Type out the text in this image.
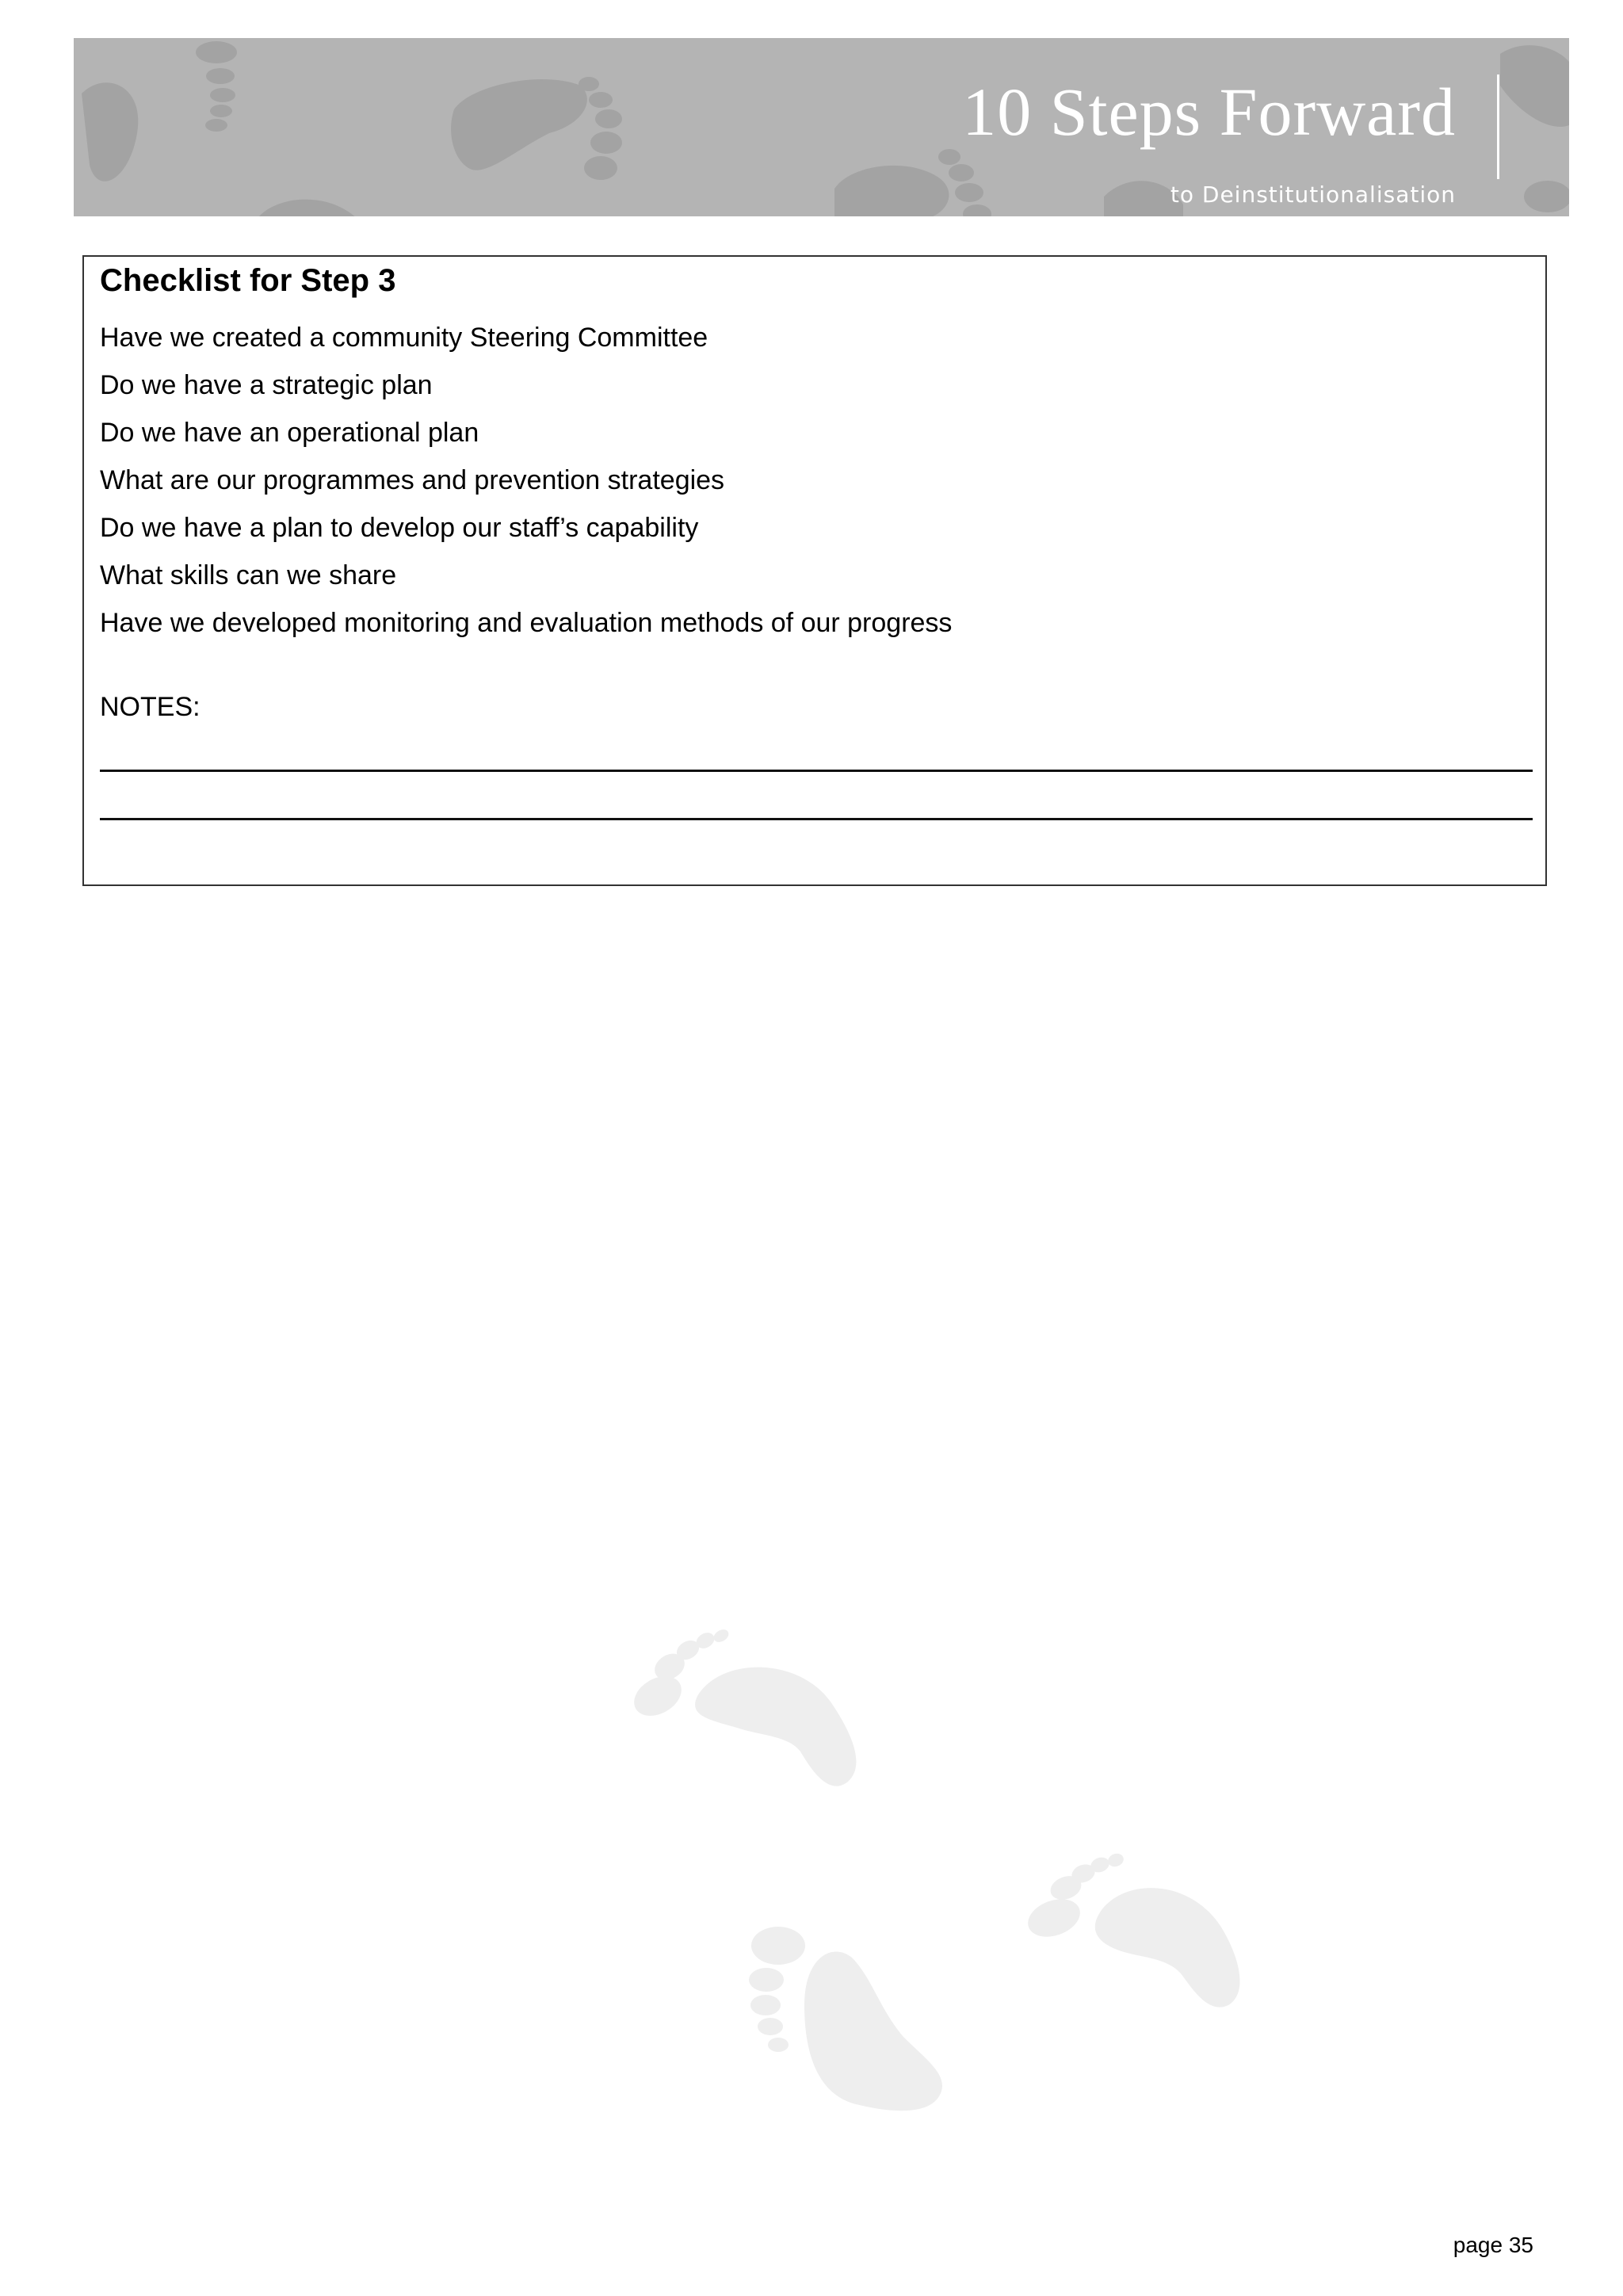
10 Steps Forward
to Deinstitutionalisation
Checklist for Step 3
Have we created a community Steering Committee
Do we have a strategic plan
Do we have an operational plan
What are our programmes and prevention strategies
Do we have a plan to develop our staff’s capability
What skills can we share
Have we developed monitoring and evaluation methods of our progress
NOTES:
page 35
